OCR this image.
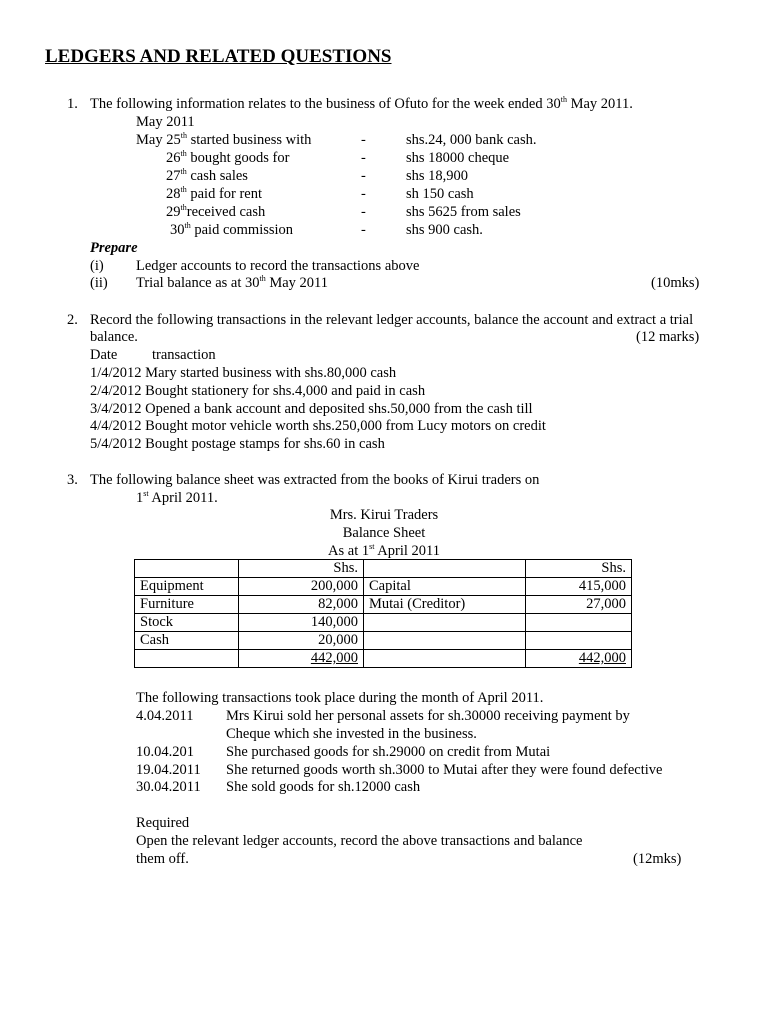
LEDGERS AND RELATED QUESTIONS
1. The following information relates to the business of Ofuto for the week ended 30th May 2011.
May 2011
May 25th started business with	-	shs.24, 000 bank cash.
26th bought goods for	-	shs 18000 cheque
27th cash sales	-	shs 18,900
28th paid for rent	-	sh 150 cash
29threceived cash	-	shs 5625 from sales
30th paid commission	-	shs 900 cash.
Prepare
(i) Ledger accounts to record the transactions above
(ii) Trial balance as at 30th May 2011	(10mks)
2. Record the following transactions in the relevant ledger accounts, balance the account and extract a trial
balance.	(12 marks)
Date transaction
1/4/2012 Mary started business with shs.80,000 cash
2/4/2012 Bought stationery for shs.4,000 and paid in cash
3/4/2012 Opened a bank account and deposited shs.50,000 from the cash till
4/4/2012 Bought motor vehicle worth shs.250,000 from Lucy motors on credit
5/4/2012 Bought postage stamps for shs.60 in cash
3. The following balance sheet was extracted from the books of Kirui traders on
1st April 2011.
Mrs. Kirui Traders
Balance Sheet
As at 1st April 2011
	Shs.		Shs.
Equipment	200,000	Capital	415,000
Furniture	82,000	Mutai (Creditor)	27,000
Stock	140,000		
Cash	20,000		
	442,000		442,000
The following transactions took place during the month of April 2011.
4.04.2011 Mrs Kirui sold her personal assets for sh.30000 receiving payment by
Cheque which she invested in the business.
10.04.201 She purchased goods for sh.29000 on credit from Mutai
19.04.2011 She returned goods worth sh.3000 to Mutai after they were found defective
30.04.2011 She sold goods for sh.12000 cash
Required
Open the relevant ledger accounts, record the above transactions and balance
them off.	(12mks)
